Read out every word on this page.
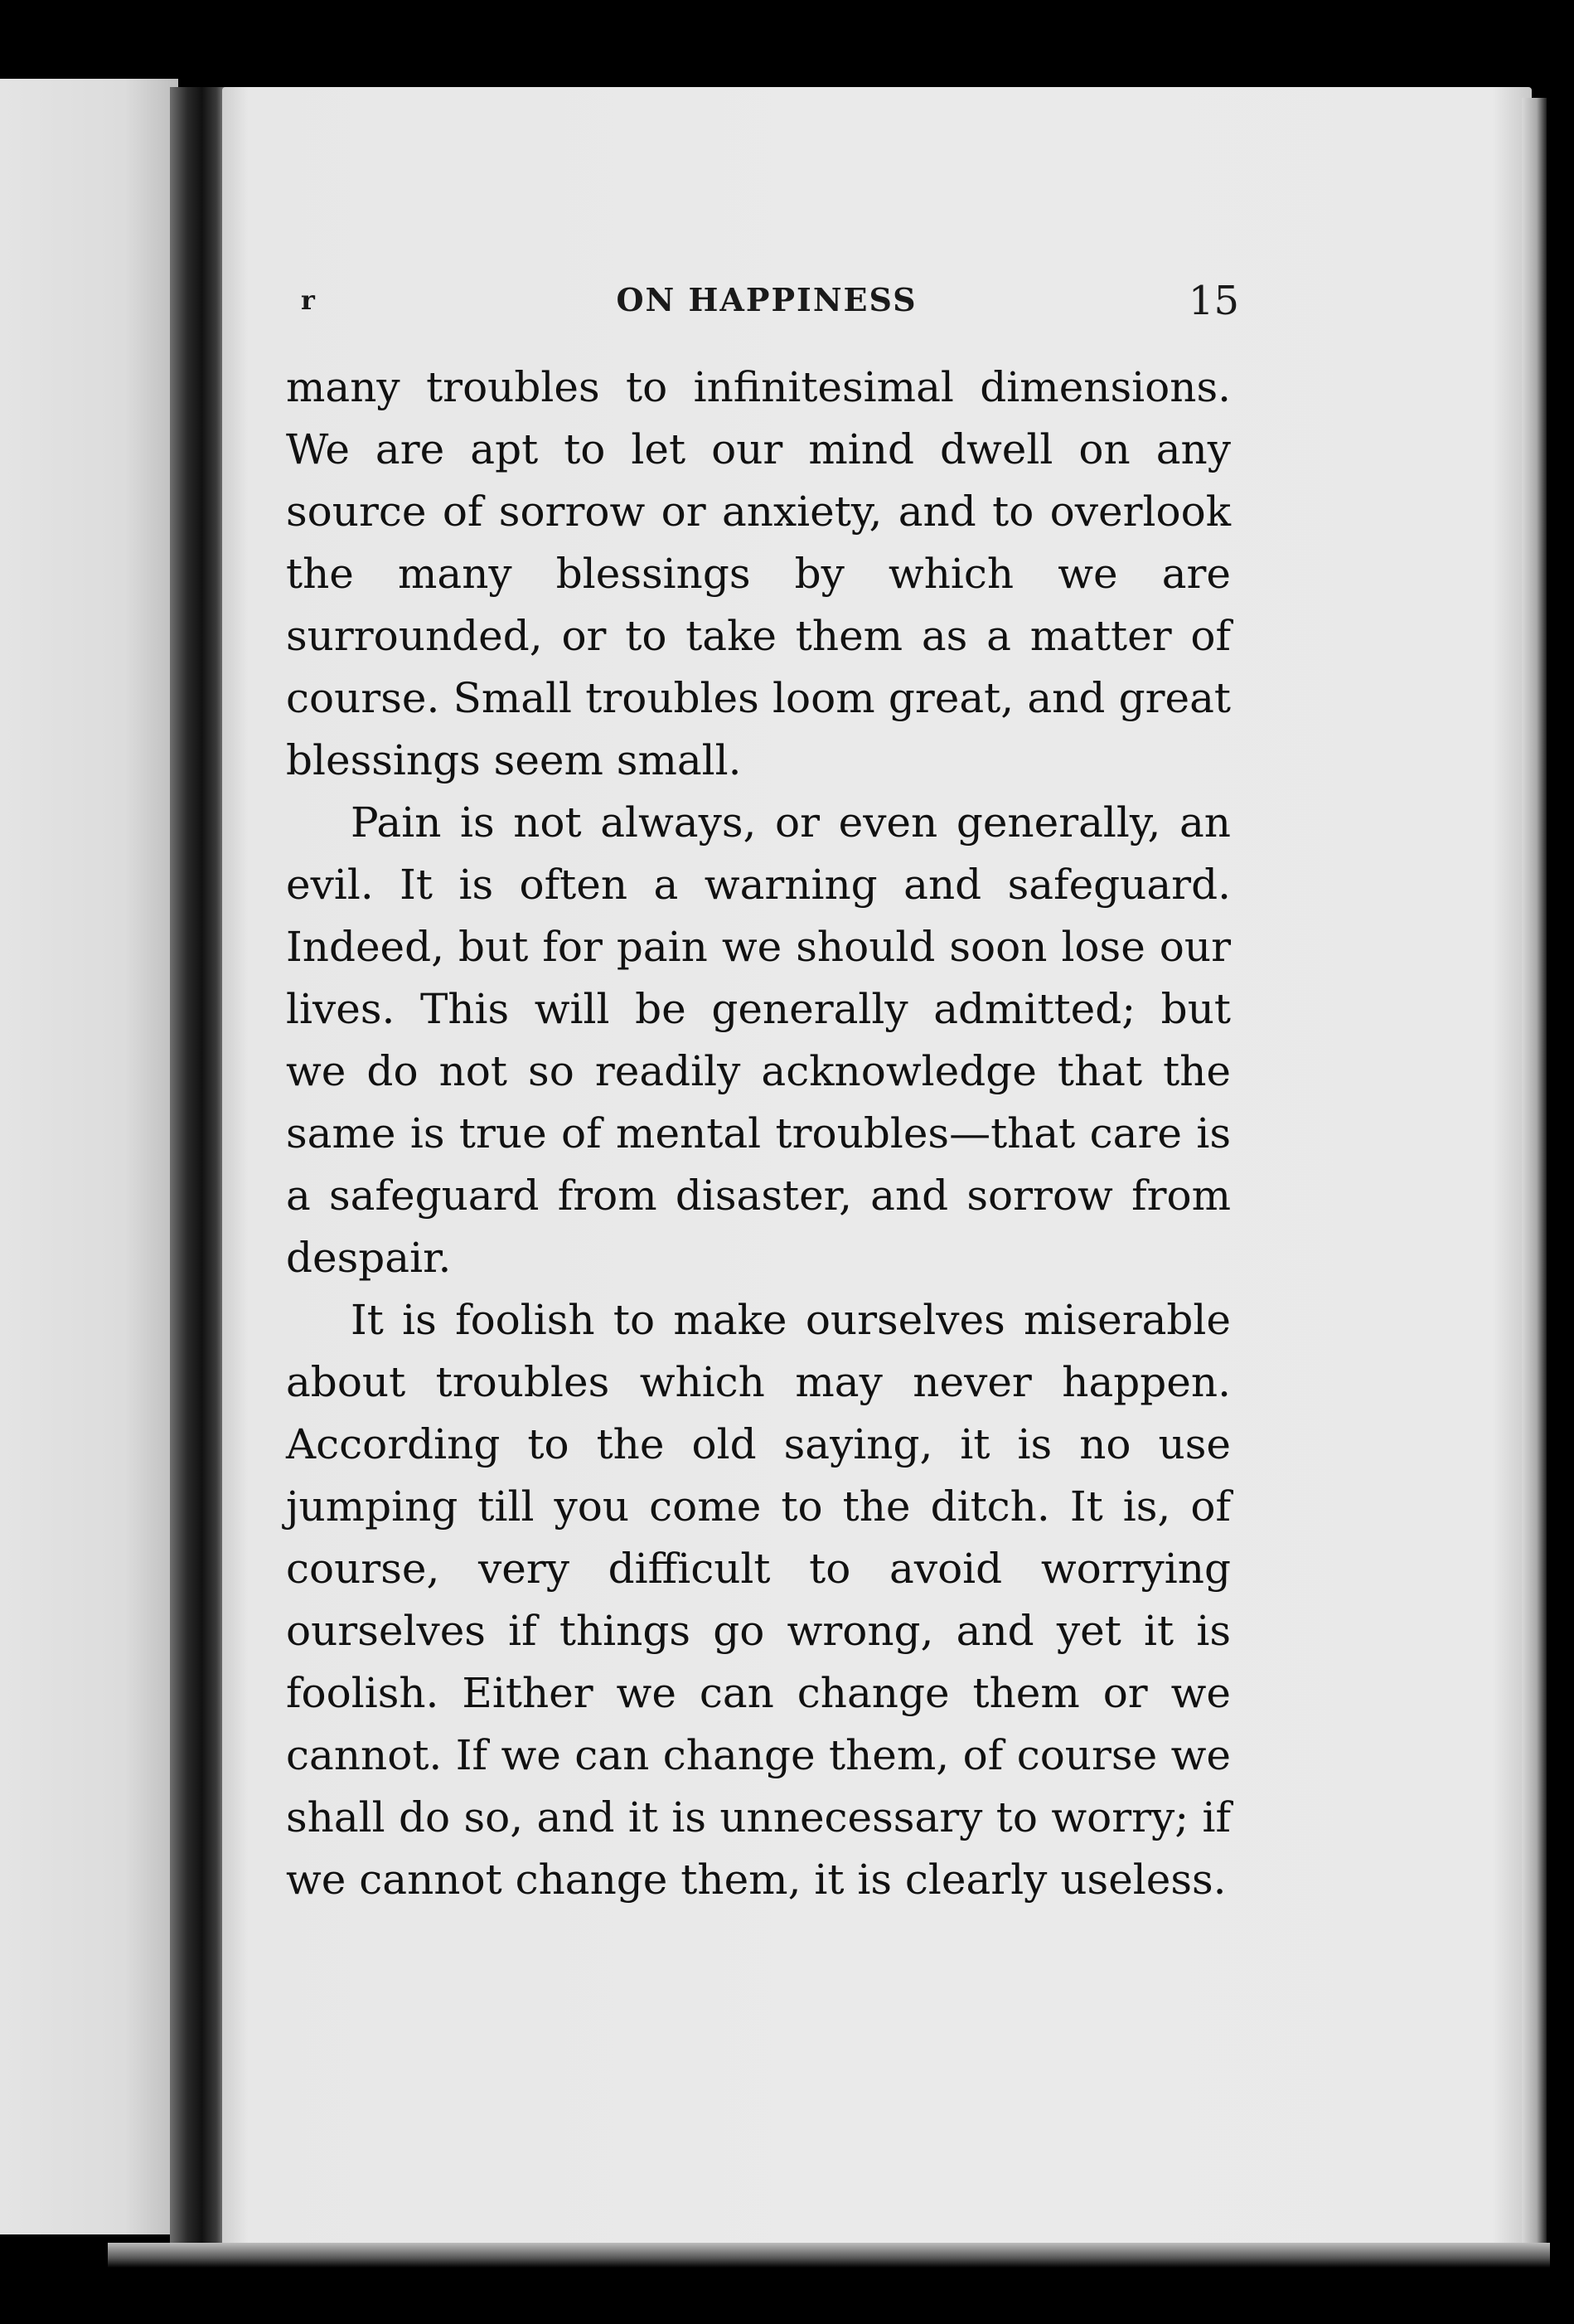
r	ON HAPPINESS	15

many troubles to infinitesimal dimensions. We are apt to let our mind dwell on any source of sorrow or anxiety, and to overlook the many blessings by which we are surrounded, or to take them as a matter of course. Small troubles loom great, and great blessings seem small.

Pain is not always, or even generally, an evil. It is often a warning and safeguard. Indeed, but for pain we should soon lose our lives. This will be generally admitted; but we do not so readily acknowledge that the same is true of mental troubles—that care is a safeguard from disaster, and sorrow from despair.

It is foolish to make ourselves miserable about troubles which may never happen. According to the old saying, it is no use jumping till you come to the ditch. It is, of course, very difficult to avoid worrying ourselves if things go wrong, and yet it is foolish. Either we can change them or we cannot. If we can change them, of course we shall do so, and it is unnecessary to worry; if we cannot change them, it is clearly useless.
